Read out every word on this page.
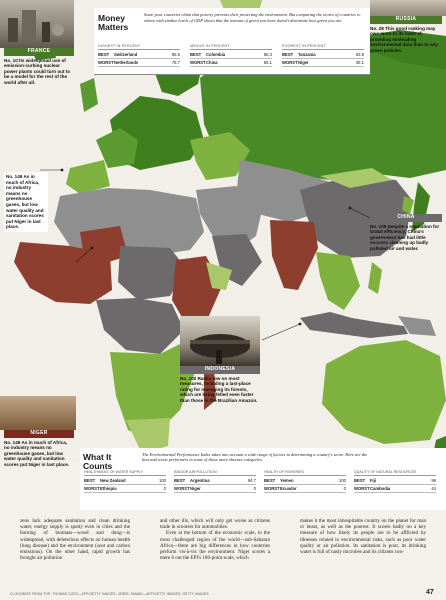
FRANCE
No. 10 Its widespread use of emission-curbing nuclear power plants could turn out to be a model for the rest of the world after all.
Money Matters
Some poor countries claim that poverty prevents their protecting the environment. But comparing the scores of countries to others with similar levels of GDP shows that the amount of green you have doesn't determine how green you are.
HIGHEST IN PERCENT
BEST	Switzerland	95.5
WORST Netherlands	78.7
MIDDLE IN PERCENT
BEST	Colombia	88.3
WORST China	65.1
POOREST IN PERCENT
BEST	Tanzania	63.9
WORST Niger	39.1
RUSSIA
No. 28 This good ranking may owe more to its habit of providing misleading environmental data than to any green policies.
CHINA
No. 105 Despite a reputation for brutal efficiency, China's government has had little success cleaning up badly polluted air and water.
INDONESIA
No. 102 Ranks low on most measures, including a last-place rating for managing its forests, which are being felled even faster than those in the Brazilian Amazon.
No. 149 As in much of Africa, no industry means no greenhouse gases, but low water quality and sanitation scores put Niger in last place.
NIGER
No. 149 As in much of Africa, no industry means no greenhouse gases, but low water quality and sanitation scores put Niger in last place.
What It Counts
The Environmental Performance Index takes into account a wide range of factors in determining a country's score. Here are the best and worst performers in some of those more obscure categories.
HEALTHINESS OF WATER SUPPLY
BEST	New Zealand	100
WORST Ethiopia	0
INDOOR AIR POLLUTION
BEST	Argentina	94.7
WORST Niger	0
HEALTH OF FISHERIES
BEST	Yemen	100
WORST Ecuador	0
QUALITY OF NATURAL RESOURCES
BEST	Fiji	99
WORST Cambodia	44
zens lack adequate sanitation and clean drinking water, energy supply is spotty even in cities and the burning of biomass—wood and dung—is widespread, with deleterious effects on human health (lung disease) and the environment (soot and carbon emissions). On the other hand, rapid growth has brought air pollution
and other ills, which will only get worse as citizens trade in scooters for automobiles.
Even at the bottom of the economic scale, in the most challenged region of the world—sub-Saharan Africa—there are big differences in how countries perform vis-à-vis the environment. Niger scores a mere 6 out the EPI's 100-point scale, which
makes it the most inhospitable country on the planet for man or beast, as well as the poorest. It scores badly on a key measure of how likely its people are to be afflicted by illnesses related to environmental risks, such as poor water quality or air pollution. Its sanitation is poor, its drinking water is full of nasty microbes and its citizens con-
CLOCKWISE FROM TOP: THOMAS COEX—AFP/GETTY IMAGES; JEWEL SAMAD—AFP/GETTY IMAGES; GETTY IMAGES	47
